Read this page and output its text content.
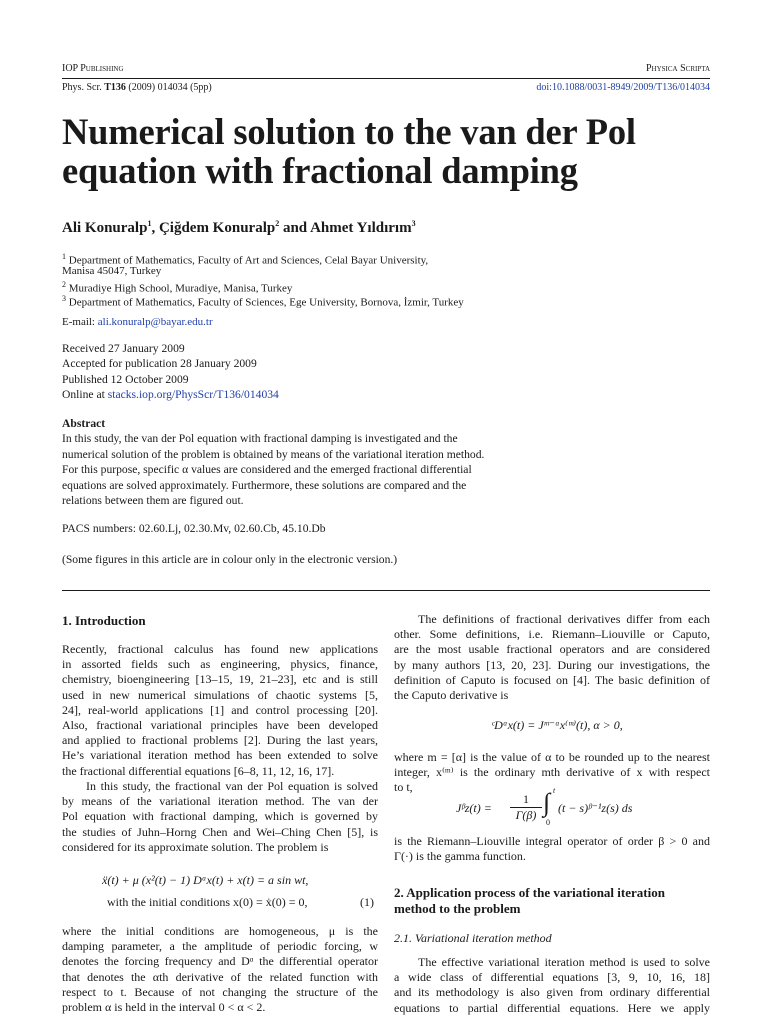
IOP Publishing	Physica Scripta
Phys. Scr. T136 (2009) 014034 (5pp)	doi:10.1088/0031-8949/2009/T136/014034
Numerical solution to the van der Pol
equation with fractional damping
Ali Konuralp$^1$, Çiğdem Konuralp$^2$ and Ahmet Yıldırım$^3$
$^1$ Department of Mathematics, Faculty of Art and Sciences, Celal Bayar University,
Manisa 45047, Turkey
$^2$ Muradiye High School, Muradiye, Manisa, Turkey
$^3$ Department of Mathematics, Faculty of Sciences, Ege University, Bornova, İzmir, Turkey
E-mail: ali.konuralp@bayar.edu.tr
Received 27 January 2009
Accepted for publication 28 January 2009
Published 12 October 2009
Online at stacks.iop.org/PhysScr/T136/014034
Abstract
In this study, the van der Pol equation with fractional damping is investigated and the
numerical solution of the problem is obtained by means of the variational iteration method.
For this purpose, specific α values are considered and the emerged fractional differential
equations are solved approximately. Furthermore, these solutions are compared and the
relations between them are figured out.
PACS numbers: 02.60.Lj, 02.30.Mv, 02.60.Cb, 45.10.Db
(Some figures in this article are in colour only in the electronic version.)
1. Introduction
Recently, fractional calculus has found new applications
in assorted fields such as engineering, physics, finance,
chemistry, bioengineering [13–15, 19, 21–23], etc and is still
used in new numerical simulations of chaotic systems [5,
24], real-world applications [1] and control processing [20].
Also, fractional variational principles have been developed
and applied to fractional problems [2]. During the last years,
He’s variational iteration method has been extended to solve
the fractional differential equations [6–8, 11, 12, 16, 17].
In this study, the fractional van der Pol equation is solved
by means of the variational iteration method. The van der
Pol equation with fractional damping, which is governed by
the studies of Juhn–Horng Chen and Wei–Ching Chen [5], is
considered for its approximate solution. The problem is
ẍ(t) + μ (x²(t) − 1) Dᵅx(t) + x(t) = a sin wt,
with the initial conditions x(0) = ẋ(0) = 0,	(1)
where the initial conditions are homogeneous, μ is the
damping parameter, a the amplitude of periodic forcing, w
denotes the forcing frequency and Dᵅ the differential operator
that denotes the αth derivative of the related function with
respect to t. Because of not changing the structure of the
problem α is held in the interval 0 < α < 2.
The definitions of fractional derivatives differ from each
other. Some definitions, i.e. Riemann–Liouville or Caputo,
are the most usable fractional operators and are considered
by many authors [13, 20, 23]. During our investigations, the
definition of Caputo is focused on [4]. The basic definition of
the Caputo derivative is
ᶜDᵅx(t) = Jᵐ⁻ᵅx⁽ᵐ⁾(t), α > 0,
where m = [α] is the value of α to be rounded up to the nearest
integer, x⁽ᵐ⁾ is the ordinary mth derivative of x with respect
to t,
Jᵝz(t) = $\frac{1}{\Gamma(\beta)}$ ∫ t
0
(t − s)ᵝ⁻¹z(s) ds
is the Riemann–Liouville integral operator of order β > 0 and
Γ(·) is the gamma function.
2. Application process of the variational iteration
method to the problem
2.1. Variational iteration method
The effective variational iteration method is used to solve
a wide class of differential equations [3, 9, 10, 16, 18]
and its methodology is also given from ordinary differential
equations to partial differential equations. Here we apply
